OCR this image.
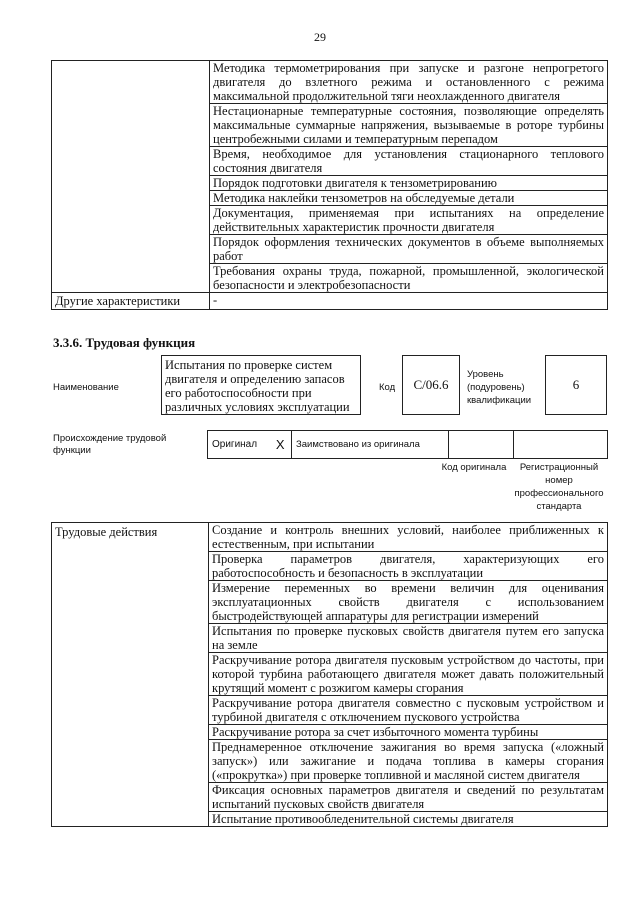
29
	Методика термометрирования при запуске и разгоне непрогретого двигателя до взлетного режима и остановленного с режима максимальной продолжительной тяги неохлажденного двигателя
	Нестационарные температурные состояния, позволяющие определять максимальные суммарные напряжения, вызываемые в роторе турбины центробежными силами и температурным перепадом
	Время, необходимое для установления стационарного теплового состояния двигателя
	Порядок подготовки двигателя к тензометрированию
	Методика наклейки тензометров на обследуемые детали
	Документация, применяемая при испытаниях на определение действительных характеристик прочности двигателя
	Порядок оформления технических документов в объеме выполняемых работ
	Требования охраны труда, пожарной, промышленной, экологической безопасности и электробезопасности
Другие характеристики	-
3.3.6. Трудовая функция
Наименование
Испытания по проверке систем двигателя и определению запасов его работоспособности при различных условиях эксплуатации
Код	C/06.6
Уровень (подуровень) квалификации
6
Происхождение трудовой функции
Оригинал	X	Заимствовано из оригинала		
Код оригинала	Регистрационный номер профессионального стандарта
Трудовые действия	Создание и контроль внешних условий, наиболее приближенных к естественным, при испытании
Проверка параметров двигателя, характеризующих его работоспособность и безопасность в эксплуатации
Измерение переменных во времени величин для оценивания эксплуатационных свойств двигателя с использованием быстродействующей аппаратуры для регистрации измерений
Испытания по проверке пусковых свойств двигателя путем его запуска на земле
Раскручивание ротора двигателя пусковым устройством до частоты, при которой турбина работающего двигателя может давать положительный крутящий момент с розжигом камеры сгорания
Раскручивание ротора двигателя совместно с пусковым устройством и турбиной двигателя с отключением пускового устройства
Раскручивание ротора за счет избыточного момента турбины
Преднамеренное отключение зажигания во время запуска («ложный запуск») или зажигание и подача топлива в камеры сгорания («прокрутка») при проверке топливной и масляной систем двигателя
Фиксация основных параметров двигателя и сведений по результатам испытаний пусковых свойств двигателя
Испытание противообледенительной системы двигателя
